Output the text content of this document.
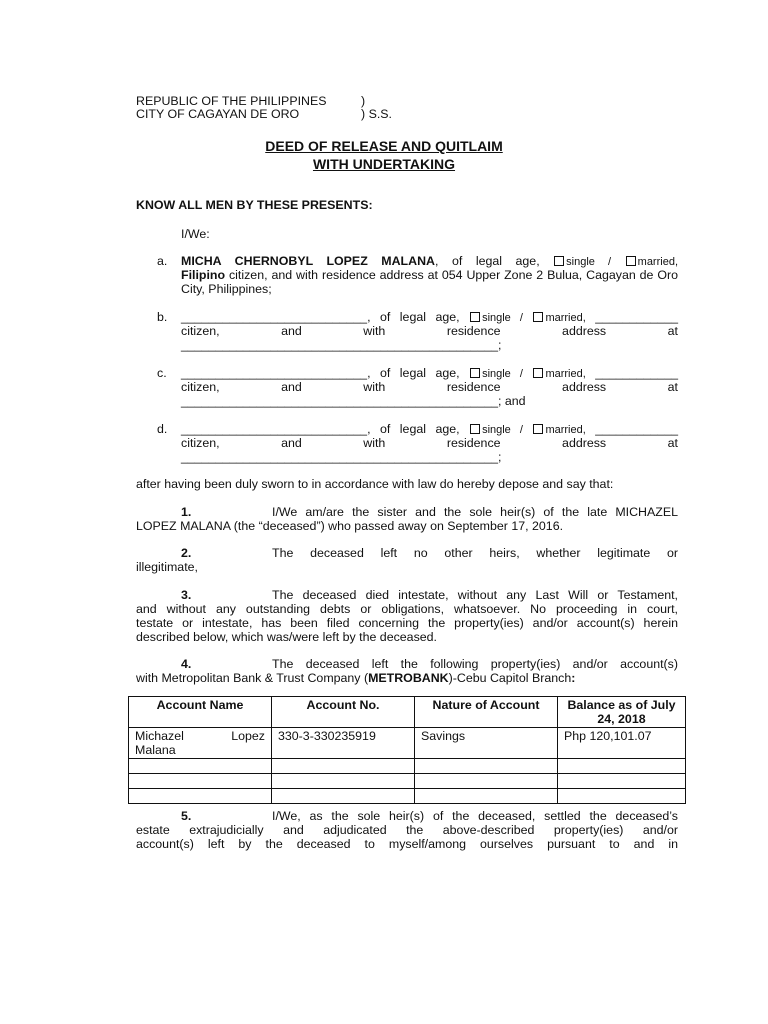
REPUBLIC OF THE PHILIPPINES	)
CITY OF CAGAYAN DE ORO	) S.S.
DEED OF RELEASE AND QUITLAIM
WITH UNDERTAKING
KNOW ALL MEN BY THESE PRESENTS:
I/We:
a. MICHA CHERNOBYL LOPEZ MALANA, of legal age, single / married,
Filipino citizen, and with residence address at 054 Upper Zone 2 Bulua, Cagayan de Oro City, Philippines;
b. ___________________________, of legal age, single / married, ____________
citizen,	and	with	residence	address	at
______________________________________________;
c. ___________________________, of legal age, single / married, ____________
citizen,	and	with	residence	address	at
______________________________________________; and
d. ___________________________, of legal age, single / married, ____________
citizen,	and	with	residence	address	at
______________________________________________;
after having been duly sworn to in accordance with law do hereby depose and say that:
1.	I/We am/are the sister and the sole heir(s) of the late MICHAZEL
LOPEZ MALANA (the “deceased”) who passed away on September 17, 2016.
2.	The deceased left no other heirs, whether legitimate or
illegitimate,
3.	The deceased died intestate, without any Last Will or Testament,
and without any outstanding debts or obligations, whatsoever. No proceeding in court,
testate or intestate, has been filed concerning the property(ies) and/or account(s) herein
described below, which was/were left by the deceased.
4.	The deceased left the following property(ies) and/or account(s)
with Metropolitan Bank & Trust Company (METROBANK)-Cebu Capitol Branch:
Account Name	Account No.	Nature of Account	Balance as of July 24, 2018
Michazel Lopez Malana	330-3-330235919	Savings	Php 120,101.07

5.	I/We, as the sole heir(s) of the deceased, settled the deceased’s
estate extrajudicially and adjudicated the above-described property(ies) and/or
account(s) left by the deceased to myself/among ourselves pursuant to and in
